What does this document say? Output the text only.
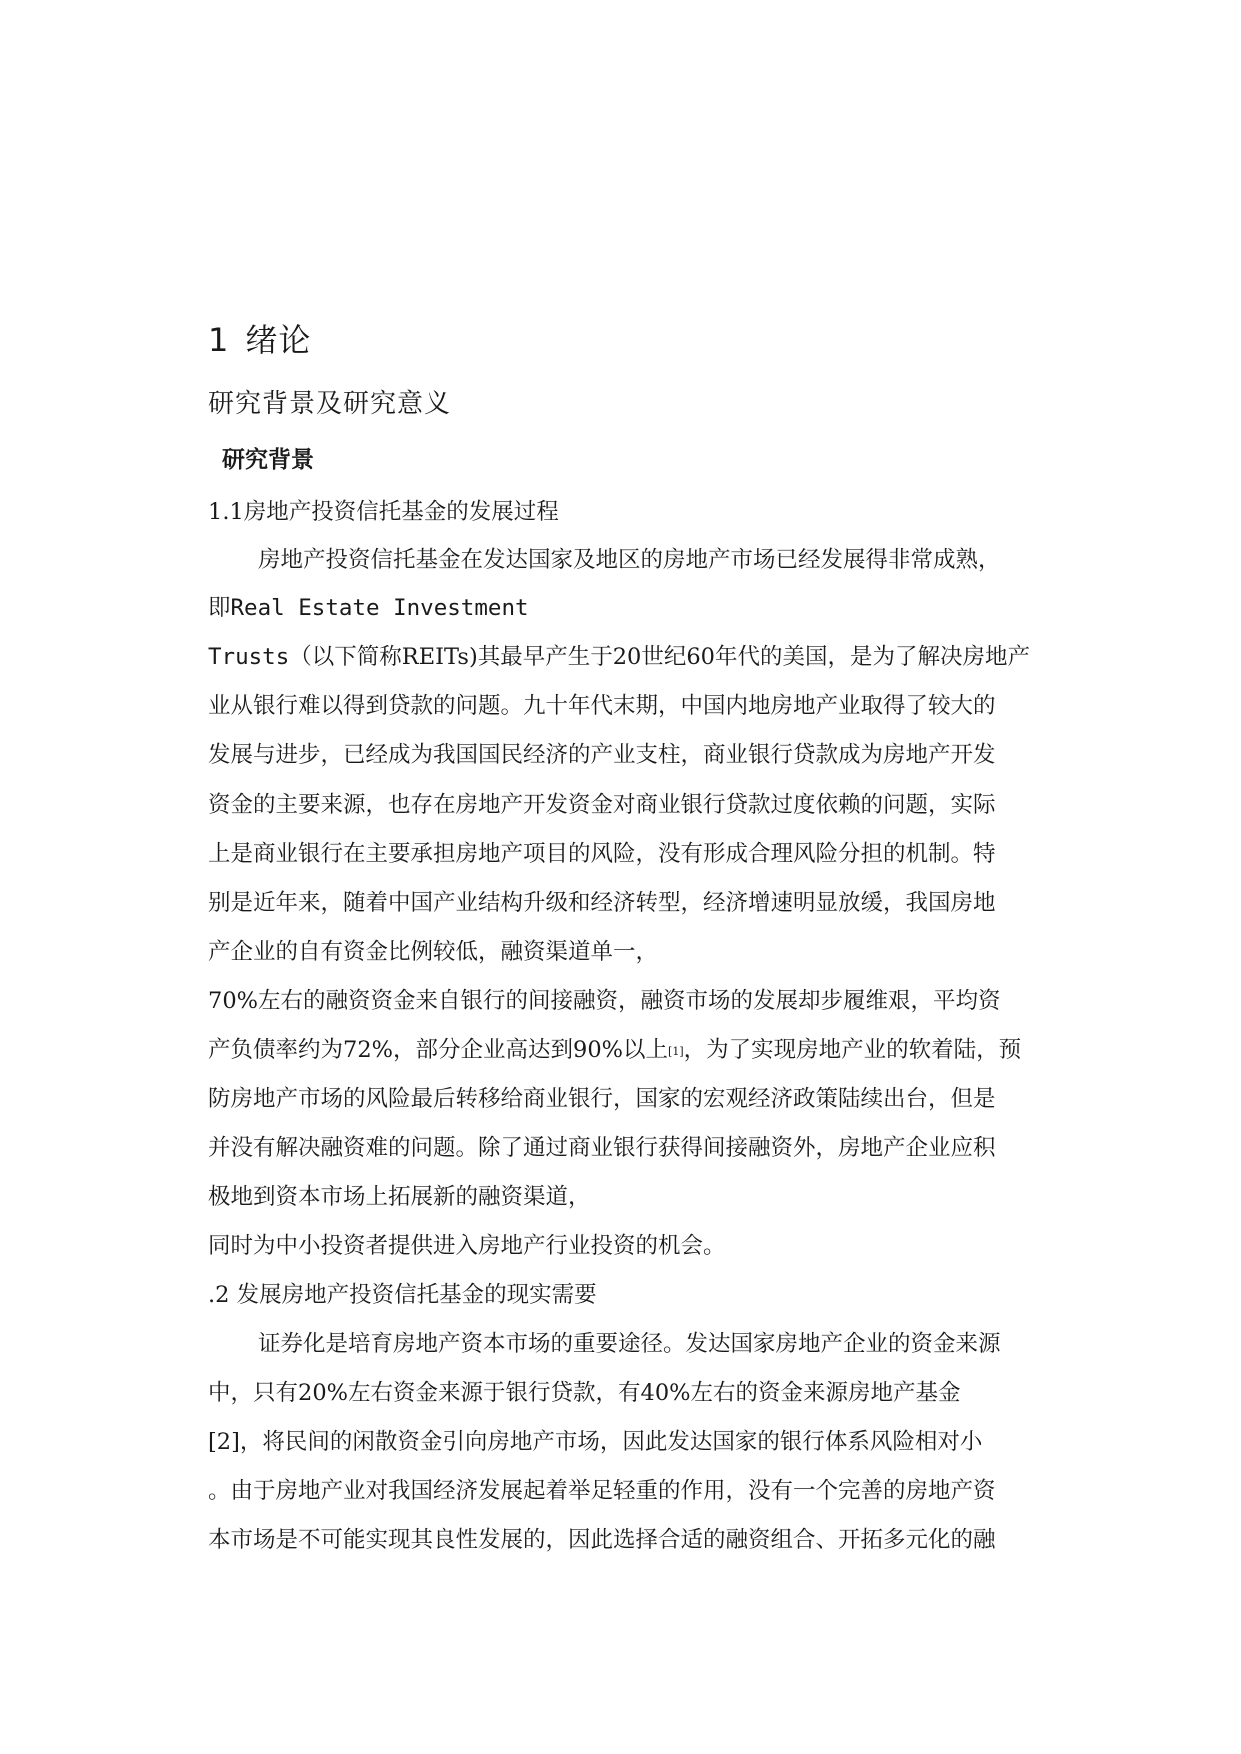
1 绪论
研究背景及研究意义
研究背景
1.1房地产投资信托基金的发展过程
房地产投资信托基金在发达国家及地区的房地产市场已经发展得非常成熟，
即Real Estate Investment
Trusts（以下简称REITs)其最早产生于20世纪60年代的美国，是为了解决房地产
业从银行难以得到贷款的问题。九十年代末期，中国内地房地产业取得了较大的
发展与进步，已经成为我国国民经济的产业支柱，商业银行贷款成为房地产开发
资金的主要来源，也存在房地产开发资金对商业银行贷款过度依赖的问题，实际
上是商业银行在主要承担房地产项目的风险，没有形成合理风险分担的机制。特
别是近年来，随着中国产业结构升级和经济转型，经济增速明显放缓，我国房地
产企业的自有资金比例较低，融资渠道单一，
70%左右的融资资金来自银行的间接融资，融资市场的发展却步履维艰，平均资
产负债率约为72%，部分企业高达到90%以上[1]，为了实现房地产业的软着陆，预
防房地产市场的风险最后转移给商业银行，国家的宏观经济政策陆续出台，但是
并没有解决融资难的问题。除了通过商业银行获得间接融资外，房地产企业应积
极地到资本市场上拓展新的融资渠道，
同时为中小投资者提供进入房地产行业投资的机会。
.2 发展房地产投资信托基金的现实需要
证券化是培育房地产资本市场的重要途径。发达国家房地产企业的资金来源
中，只有20%左右资金来源于银行贷款，有40%左右的资金来源房地产基金
[2]，将民间的闲散资金引向房地产市场，因此发达国家的银行体系风险相对小
。由于房地产业对我国经济发展起着举足轻重的作用，没有一个完善的房地产资
本市场是不可能实现其良性发展的，因此选择合适的融资组合、开拓多元化的融
